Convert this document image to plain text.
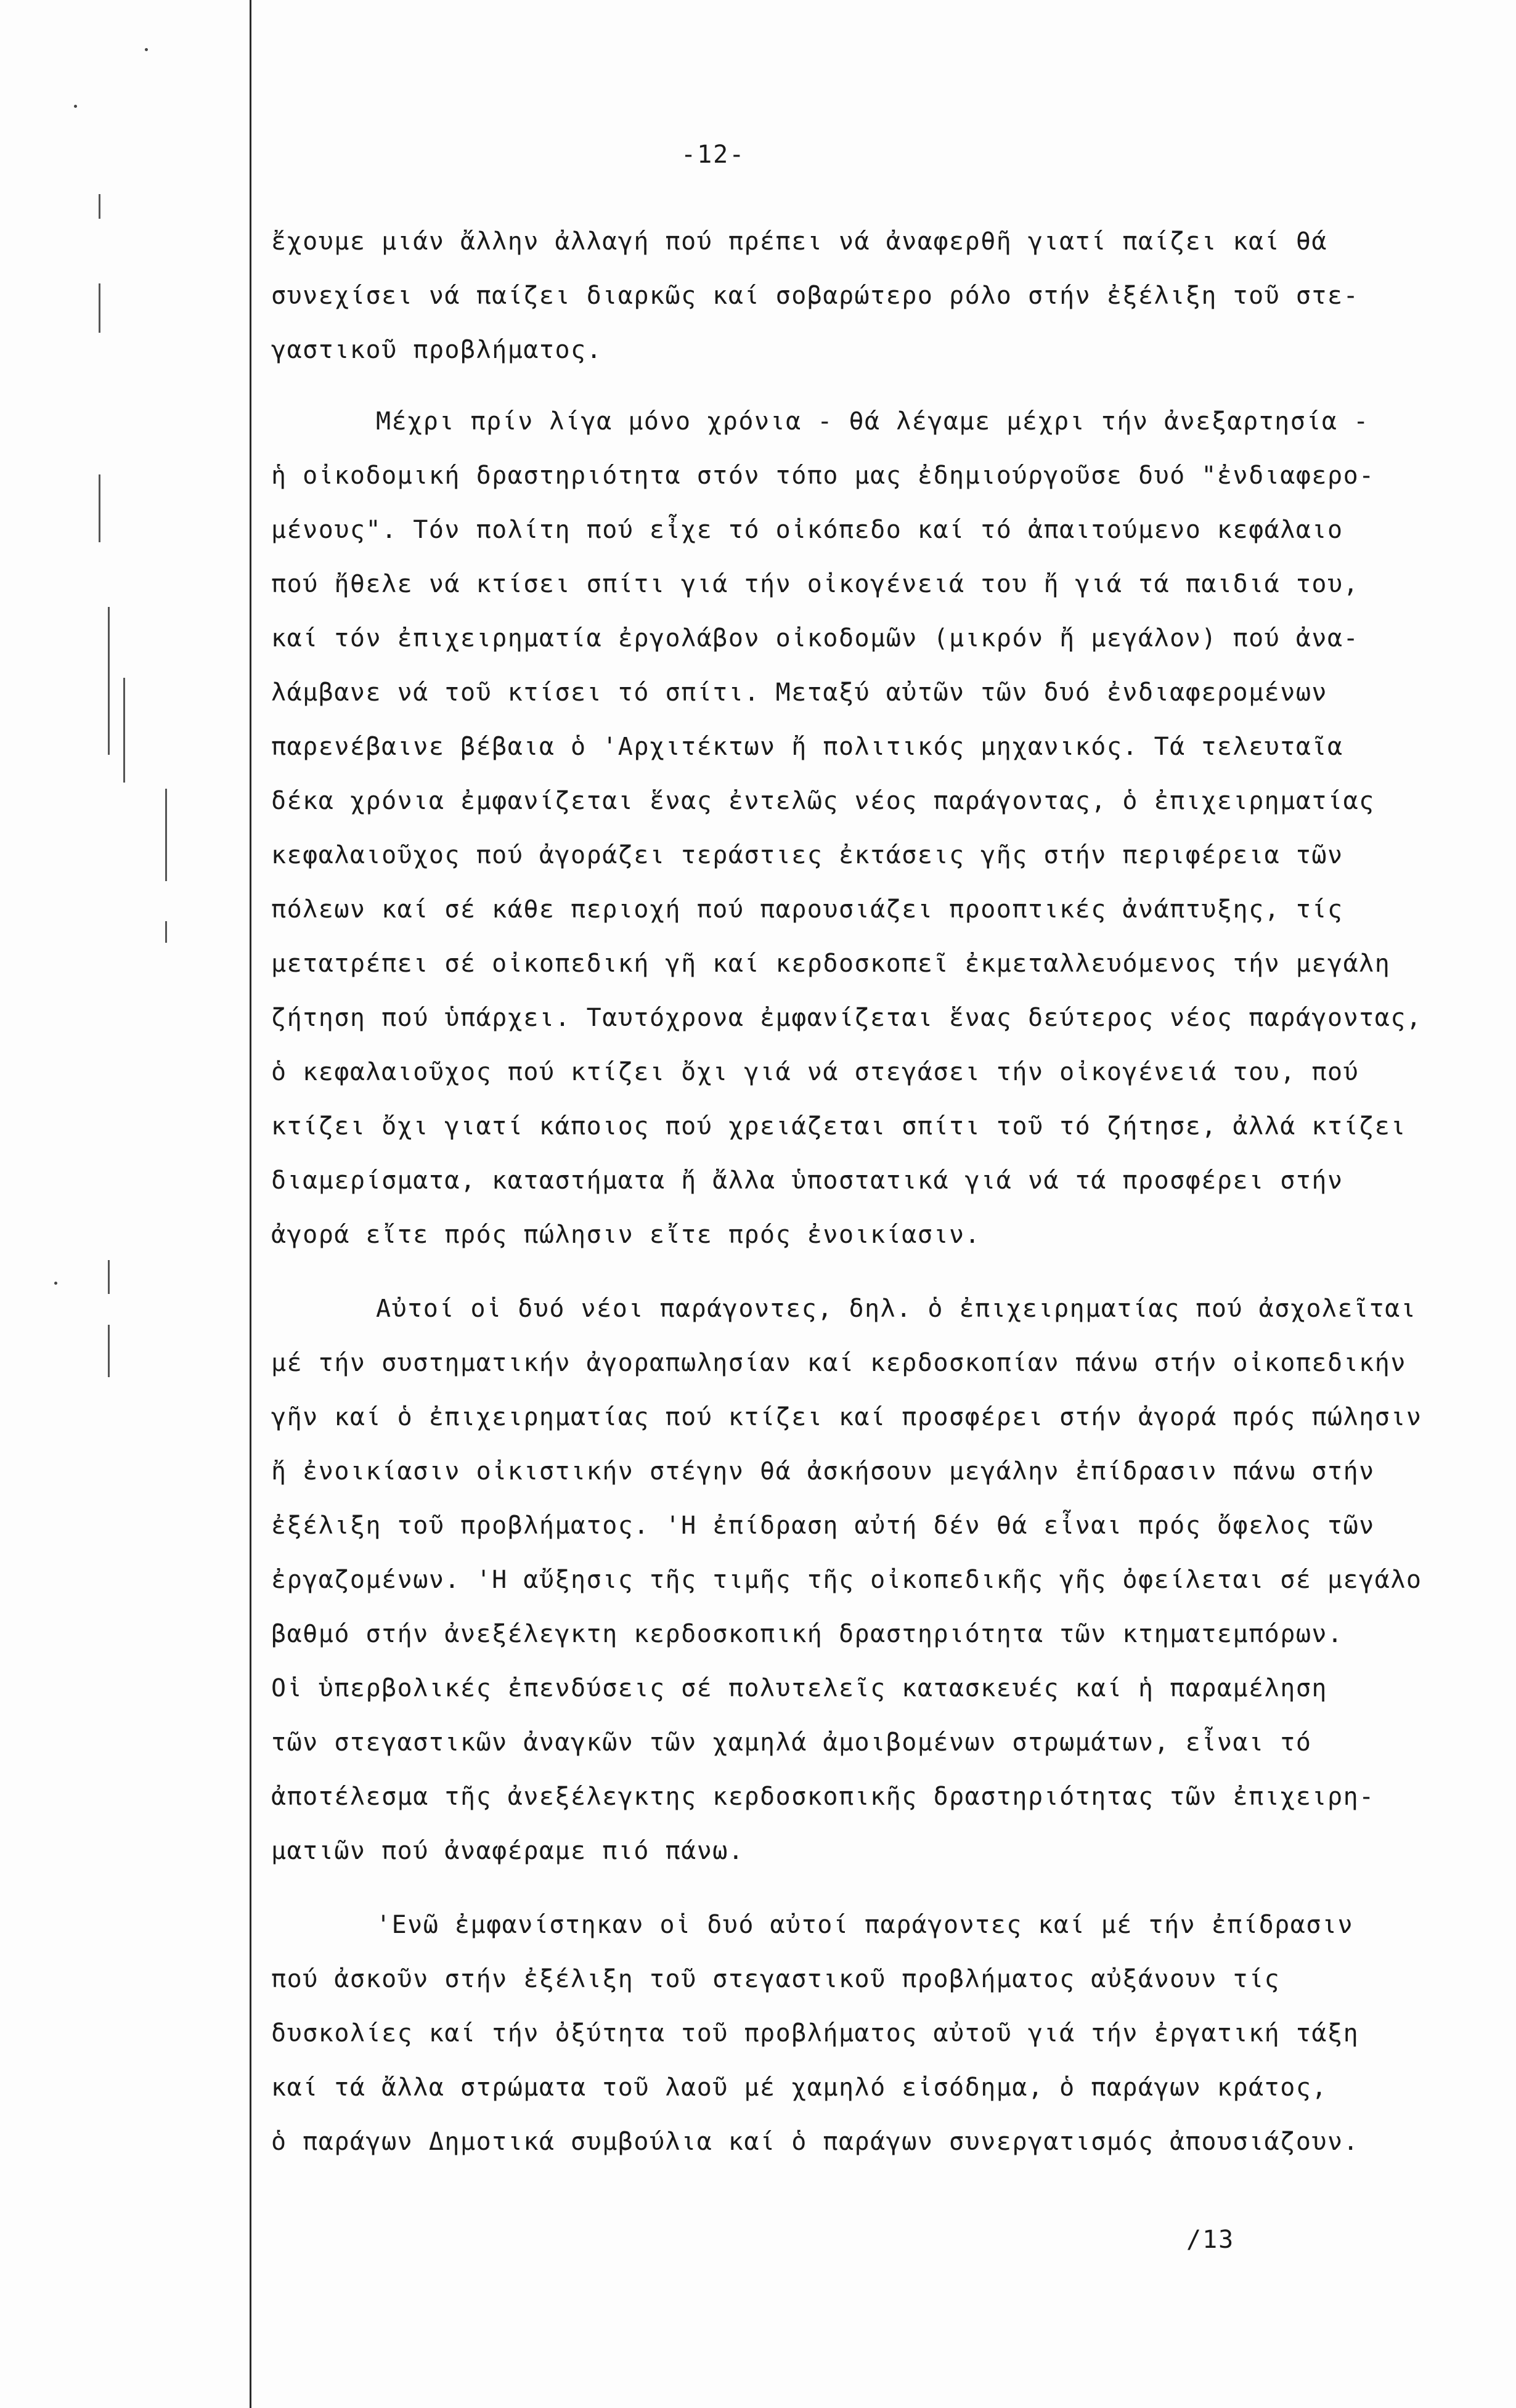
-12-
ἔχουμε μιάν ἄλλην ἀλλαγή πού πρέπει νά ἀναφερθῆ γιατί παίζει καί θά
συνεχίσει νά παίζει διαρκῶς καί σοβαρώτερο ρόλο στήν ἐξέλιξη τοῦ στε-
γαστικοῦ προβλήματος.
Μέχρι πρίν λίγα μόνο χρόνια - θά λέγαμε μέχρι τήν ἀνεξαρτησία -
ἡ οἰκοδομική δραστηριότητα στόν τόπο μας ἐδημιούργοῦσε δυό "ἐνδιαφερο-
μένους". Τόν πολίτη πού εἶχε τό οἰκόπεδο καί τό ἀπαιτούμενο κεφάλαιο
πού ἤθελε νά κτίσει σπίτι γιά τήν οἰκογένειά του ἤ γιά τά παιδιά του,
καί τόν ἐπιχειρηματία ἐργολάβον οἰκοδομῶν (μικρόν ἤ μεγάλον) πού ἀνα-
λάμβανε νά τοῦ κτίσει τό σπίτι. Μεταξύ αὐτῶν τῶν δυό ἐνδιαφερομένων
παρενέβαινε βέβαια ὁ 'Αρχιτέκτων ἤ πολιτικός μηχανικός. Τά τελευταῖα
δέκα χρόνια ἐμφανίζεται ἕνας ἐντελῶς νέος παράγοντας, ὁ ἐπιχειρηματίας
κεφαλαιοῦχος πού ἀγοράζει τεράστιες ἐκτάσεις γῆς στήν περιφέρεια τῶν
πόλεων καί σέ κάθε περιοχή πού παρουσιάζει προοπτικές ἀνάπτυξης, τίς
μετατρέπει σέ οἰκοπεδική γῆ καί κερδοσκοπεῖ ἐκμεταλλευόμενος τήν μεγάλη
ζήτηση πού ὑπάρχει. Ταυτόχρονα ἐμφανίζεται ἕνας δεύτερος νέος παράγοντας,
ὁ κεφαλαιοῦχος πού κτίζει ὄχι γιά νά στεγάσει τήν οἰκογένειά του, πού
κτίζει ὄχι γιατί κάποιος πού χρειάζεται σπίτι τοῦ τό ζήτησε, ἀλλά κτίζει
διαμερίσματα, καταστήματα ἤ ἄλλα ὑποστατικά γιά νά τά προσφέρει στήν
ἀγορά εἴτε πρός πώλησιν εἴτε πρός ἐνοικίασιν.
Αὐτοί οἱ δυό νέοι παράγοντες, δηλ. ὁ ἐπιχειρηματίας πού ἀσχολεῖται
μέ τήν συστηματικήν ἀγοραπωλησίαν καί κερδοσκοπίαν πάνω στήν οἰκοπεδικήν
γῆν καί ὁ ἐπιχειρηματίας πού κτίζει καί προσφέρει στήν ἀγορά πρός πώλησιν
ἤ ἐνοικίασιν οἰκιστικήν στέγην θά ἀσκήσουν μεγάλην ἐπίδρασιν πάνω στήν
ἐξέλιξη τοῦ προβλήματος. 'Η ἐπίδραση αὐτή δέν θά εἶναι πρός ὄφελος τῶν
ἐργαζομένων. 'Η αὔξησις τῆς τιμῆς τῆς οἰκοπεδικῆς γῆς ὀφείλεται σέ μεγάλο
βαθμό στήν ἀνεξέλεγκτη κερδοσκοπική δραστηριότητα τῶν κτηματεμπόρων.
Οἱ ὑπερβολικές ἐπενδύσεις σέ πολυτελεῖς κατασκευές καί ἡ παραμέληση
τῶν στεγαστικῶν ἀναγκῶν τῶν χαμηλά ἀμοιβομένων στρωμάτων, εἶναι τό
ἀποτέλεσμα τῆς ἀνεξέλεγκτης κερδοσκοπικῆς δραστηριότητας τῶν ἐπιχειρη-
ματιῶν πού ἀναφέραμε πιό πάνω.
'Ενῶ ἐμφανίστηκαν οἱ δυό αὐτοί παράγοντες καί μέ τήν ἐπίδρασιν
πού ἀσκοῦν στήν ἐξέλιξη τοῦ στεγαστικοῦ προβλήματος αὐξάνουν τίς
δυσκολίες καί τήν ὀξύτητα τοῦ προβλήματος αὐτοῦ γιά τήν ἐργατική τάξη
καί τά ἄλλα στρώματα τοῦ λαοῦ μέ χαμηλό εἰσόδημα, ὁ παράγων κράτος,
ὁ παράγων Δημοτικά συμβούλια καί ὁ παράγων συνεργατισμός ἀπουσιάζουν.
/13
